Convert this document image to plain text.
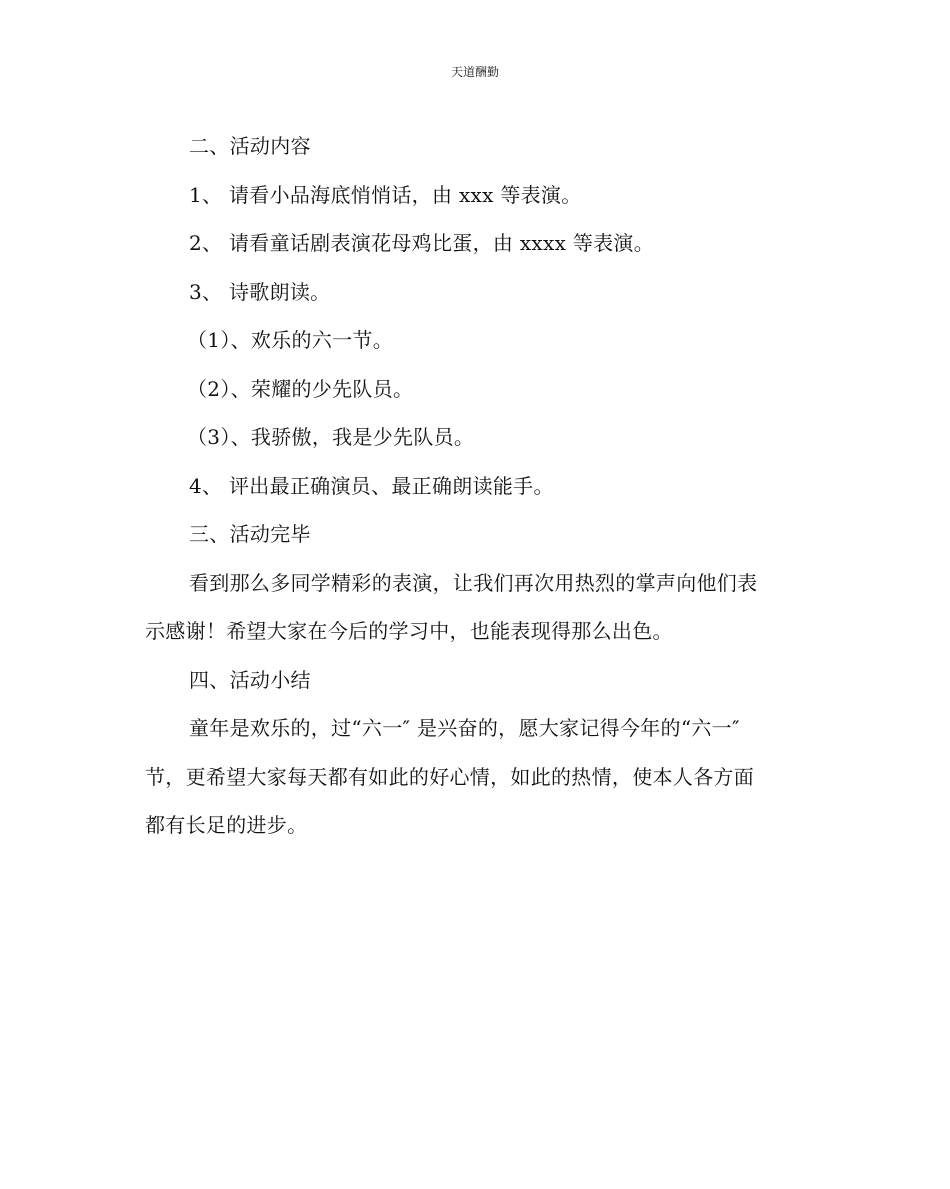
天道酬勤
二、活动内容
1、 请看小品海底悄悄话，由 xxx 等表演。
2、 请看童话剧表演花母鸡比蛋，由 xxxx 等表演。
3、 诗歌朗读。
（1）、欢乐的六一节。
（2）、荣耀的少先队员。
（3）、我骄傲，我是少先队员。
4、 评出最正确演员、最正确朗读能手。
三、活动完毕
看到那么多同学精彩的表演，让我们再次用热烈的掌声向他们表
示感谢！希望大家在今后的学习中，也能表现得那么出色。
四、活动小结
童年是欢乐的，过“六一″ 是兴奋的，愿大家记得今年的“六一″
节，更希望大家每天都有如此的好心情，如此的热情，使本人各方面
都有长足的进步。
